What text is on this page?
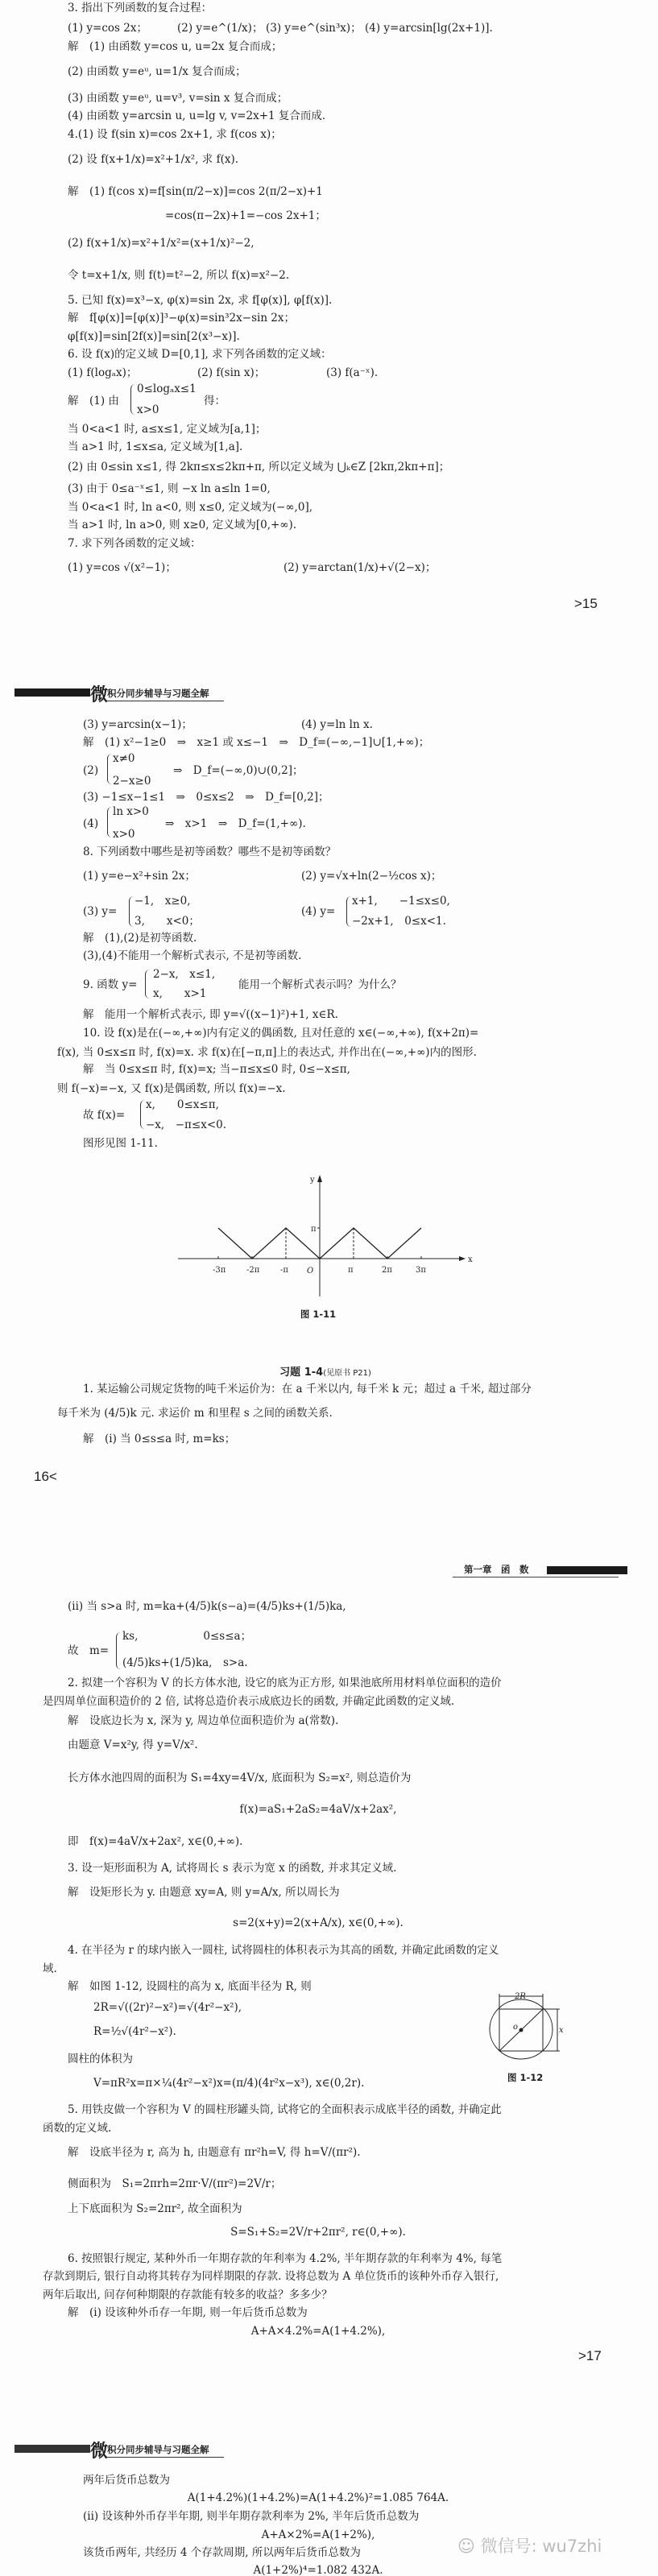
3. 指出下列函数的复合过程：
(1) y=cos 2x；	(2) y=e^(1/x)； (3) y=e^(sin³x)； (4) y=arcsin[lg(2x+1)].
解　(1) 由函数 y=cos u, u=2x 复合而成；
(2) 由函数 y=eᵘ, u=1/x 复合而成；
(3) 由函数 y=eᵘ, u=v³, v=sin x 复合而成；
(4) 由函数 y=arcsin u, u=lg v, v=2x+1 复合而成.
4.(1) 设 f(sin x)=cos 2x+1, 求 f(cos x)；
(2) 设 f(x+1/x)=x²+1/x², 求 f(x).
解　(1) f(cos x)=f[sin(π/2−x)]=cos 2(π/2−x)+1
=cos(π−2x)+1=−cos 2x+1；
(2) f(x+1/x)=x²+1/x²=(x+1/x)²−2,
令 t=x+1/x, 则 f(t)=t²−2, 所以 f(x)=x²−2.
5. 已知 f(x)=x³−x, φ(x)=sin 2x, 求 f[φ(x)], φ[f(x)].
解　f[φ(x)]=[φ(x)]³−φ(x)=sin³2x−sin 2x；
φ[f(x)]=sin[2f(x)]=sin[2(x³−x)].
6. 设 f(x)的定义域 D=[0,1], 求下列各函数的定义域：
(1) f(logₐx)；	(2) f(sin x)；	(3) f(a⁻ˣ).
解　(1) 由
0≤logₐx≤1
x>0
得：
当 0<a<1 时, a≤x≤1, 定义域为[a,1]；
当 a>1 时, 1≤x≤a, 定义域为[1,a].
(2) 由 0≤sin x≤1, 得 2kπ≤x≤2kπ+π, 所以定义域为 ⋃ₖ∈Z [2kπ,2kπ+π]；
(3) 由于 0≤a⁻ˣ≤1, 则 −x ln a≤ln 1=0,
当 0<a<1 时, ln a<0, 则 x≤0, 定义域为(−∞,0],
当 a>1 时, ln a>0, 则 x≥0, 定义域为[0,+∞).
7. 求下列各函数的定义域：
(1) y=cos √(x²−1)；	(2) y=arctan(1/x)+√(2−x)；
>15
微
积分同步辅导与习题全解
(3) y=arcsin(x−1)；	(4) y=ln ln x.
解　(1) x²−1≥0　⇒　x≥1 或 x≤−1　⇒　D_f=(−∞,−1]∪[1,+∞)；
(2)
x≠0
2−x≥0
⇒　D_f=(−∞,0)∪(0,2]；
(3) −1≤x−1≤1　⇒　0≤x≤2　⇒　D_f=[0,2]；
(4)
ln x>0
x>0
⇒　x>1　⇒　D_f=(1,+∞).
8. 下列函数中哪些是初等函数？哪些不是初等函数？
(1) y=e−x²+sin 2x；	(2) y=√x+ln(2−½cos x)；
(3) y=
−1,　x≥0,
3,　　x<0；
(4) y=
x+1,　　−1≤x≤0,
−2x+1,　0≤x<1.
解　(1),(2)是初等函数.
(3),(4)不能用一个解析式表示, 不是初等函数.
9. 函数 y=
2−x,　x≤1,
x,　　x>1
能用一个解析式表示吗？为什么？
解　能用一个解析式表示, 即 y=√((x−1)²)+1, x∈R.
10. 设 f(x)是在(−∞,+∞)内有定义的偶函数, 且对任意的 x∈(−∞,+∞), f(x+2π)=
f(x), 当 0≤x≤π 时, f(x)=x. 求 f(x)在[−π,π]上的表达式, 并作出在(−∞,+∞)内的图形.
解　当 0≤x≤π 时, f(x)=x; 当−π≤x≤0 时, 0≤−x≤π,
则 f(−x)=−x, 又 f(x)是偶函数, 所以 f(x)=−x.
故 f(x)=
x,　　0≤x≤π,
−x,　−π≤x<0.
图形见图 1-11.
x
y
O
π
-3π	-2π	-π	π	2π	3π
图 1-11

习题 1-4(见原书 P21)

1. 某运输公司规定货物的吨千米运价为：在 a 千米以内, 每千米 k 元；超过 a 千米, 超过部分
每千米为 (4/5)k 元. 求运价 m 和里程 s 之间的函数关系.
解　(i) 当 0≤s≤a 时, m=ks；
16<
第一章　函　数
(ii) 当 s>a 时, m=ka+(4/5)k(s−a)=(4/5)ks+(1/5)ka,
故　m=
ks,　　　　　　0≤s≤a；
(4/5)ks+(1/5)ka,　s>a.
2. 拟建一个容积为 V 的长方体水池, 设它的底为正方形, 如果池底所用材料单位面积的造价
是四周单位面积造价的 2 倍, 试将总造价表示成底边长的函数, 并确定此函数的定义域.
解　设底边长为 x, 深为 y, 周边单位面积造价为 a(常数).
由题意 V=x²y, 得 y=V/x².
长方体水池四周的面积为 S₁=4xy=4V/x, 底面积为 S₂=x², 则总造价为
f(x)=aS₁+2aS₂=4aV/x+2ax²,
即　f(x)=4aV/x+2ax², x∈(0,+∞).
3. 设一矩形面积为 A, 试将周长 s 表示为宽 x 的函数, 并求其定义域.
解　设矩形长为 y. 由题意 xy=A, 则 y=A/x, 所以周长为
s=2(x+y)=2(x+A/x), x∈(0,+∞).
4. 在半径为 r 的球内嵌入一圆柱, 试将圆柱的体积表示为其高的函数, 并确定此函数的定义
域.
解　如图 1-12, 设圆柱的高为 x, 底面半径为 R, 则
2R=√((2r)²−x²)=√(4r²−x²),
R=½√(4r²−x²).
圆柱的体积为
V=πR²x=π×¼(4r²−x²)x=(π/4)(4r²x−x³), x∈(0,2r).
o
2R
x
图 1-12
5. 用铁皮做一个容积为 V 的圆柱形罐头筒, 试将它的全面积表示成底半径的函数, 并确定此
函数的定义域.
解　设底半径为 r, 高为 h, 由题意有 πr²h=V, 得 h=V/(πr²).
侧面积为　S₁=2πrh=2πr·V/(πr²)=2V/r；
上下底面积为 S₂=2πr², 故全面积为
S=S₁+S₂=2V/r+2πr², r∈(0,+∞).
6. 按照银行规定, 某种外币一年期存款的年利率为 4.2%, 半年期存款的年利率为 4%, 每笔
存款到期后, 银行自动将其转存为同样期限的存款. 设将总数为 A 单位货币的该种外币存入银行,
两年后取出, 问存何种期限的存款能有较多的收益？多多少？
解　(i) 设该种外币存一年期, 则一年后货币总数为
A+A×4.2%=A(1+4.2%),
>17
微
积分同步辅导与习题全解
两年后货币总数为
A(1+4.2%)(1+4.2%)=A(1+4.2%)²=1.085 764A.
(ii) 设该种外币存半年期, 则半年期存款利率为 2%, 半年后货币总数为
A+A×2%=A(1+2%),
该货币两年, 共经历 4 个存款周期, 所以两年后货币总数为
A(1+2%)⁴=1.082 432A.
☺ 微信号: wu7zhi
